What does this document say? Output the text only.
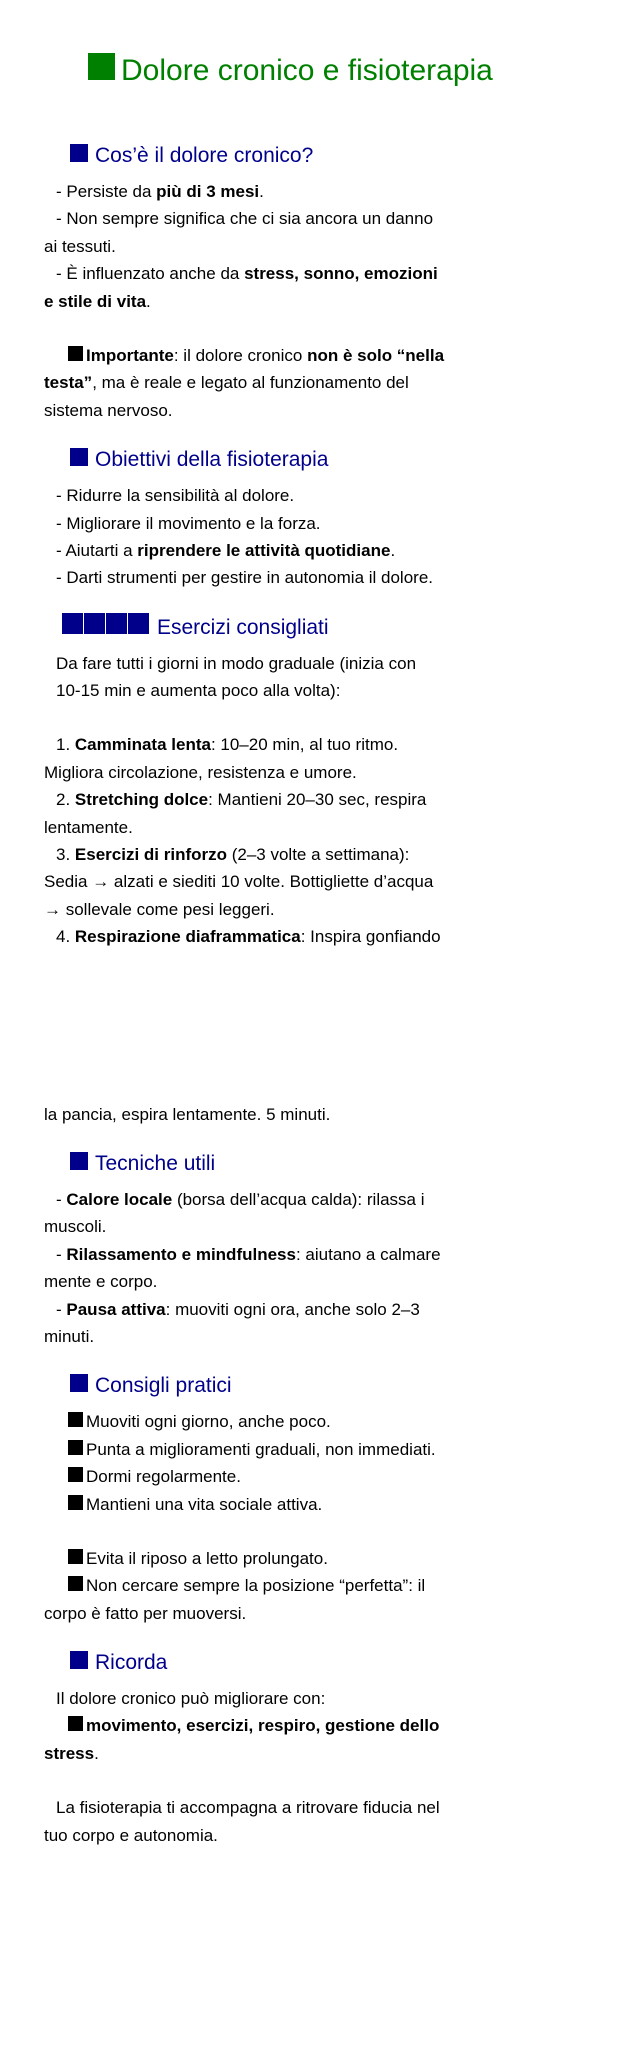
Dolore cronico e fisioterapia
Cos’è il dolore cronico?
- Persiste da più di 3 mesi.
- Non sempre significa che ci sia ancora un danno
ai tessuti.
- È influenzato anche da stress, sonno, emozioni
e stile di vita.
Importante: il dolore cronico non è solo “nella
testa”, ma è reale e legato al funzionamento del
sistema nervoso.
Obiettivi della fisioterapia
- Ridurre la sensibilità al dolore.
- Migliorare il movimento e la forza.
- Aiutarti a riprendere le attività quotidiane.
- Darti strumenti per gestire in autonomia il dolore.
Esercizi consigliati
Da fare tutti i giorni in modo graduale (inizia con
10-15 min e aumenta poco alla volta):
1. Camminata lenta: 10–20 min, al tuo ritmo.
Migliora circolazione, resistenza e umore.
2. Stretching dolce: Mantieni 20–30 sec, respira
lentamente.
3. Esercizi di rinforzo (2–3 volte a settimana):
Sedia → alzati e siediti 10 volte. Bottigliette d’acqua
→ sollevale come pesi leggeri.
4. Respirazione diaframmatica: Inspira gonfiando
la pancia, espira lentamente. 5 minuti.
Tecniche utili
- Calore locale (borsa dell’acqua calda): rilassa i
muscoli.
- Rilassamento e mindfulness: aiutano a calmare
mente e corpo.
- Pausa attiva: muoviti ogni ora, anche solo 2–3
minuti.
Consigli pratici
Muoviti ogni giorno, anche poco.
Punta a miglioramenti graduali, non immediati.
Dormi regolarmente.
Mantieni una vita sociale attiva.
Evita il riposo a letto prolungato.
Non cercare sempre la posizione “perfetta”: il
corpo è fatto per muoversi.
Ricorda
Il dolore cronico può migliorare con:
movimento, esercizi, respiro, gestione dello
stress.
La fisioterapia ti accompagna a ritrovare fiducia nel
tuo corpo e autonomia.
